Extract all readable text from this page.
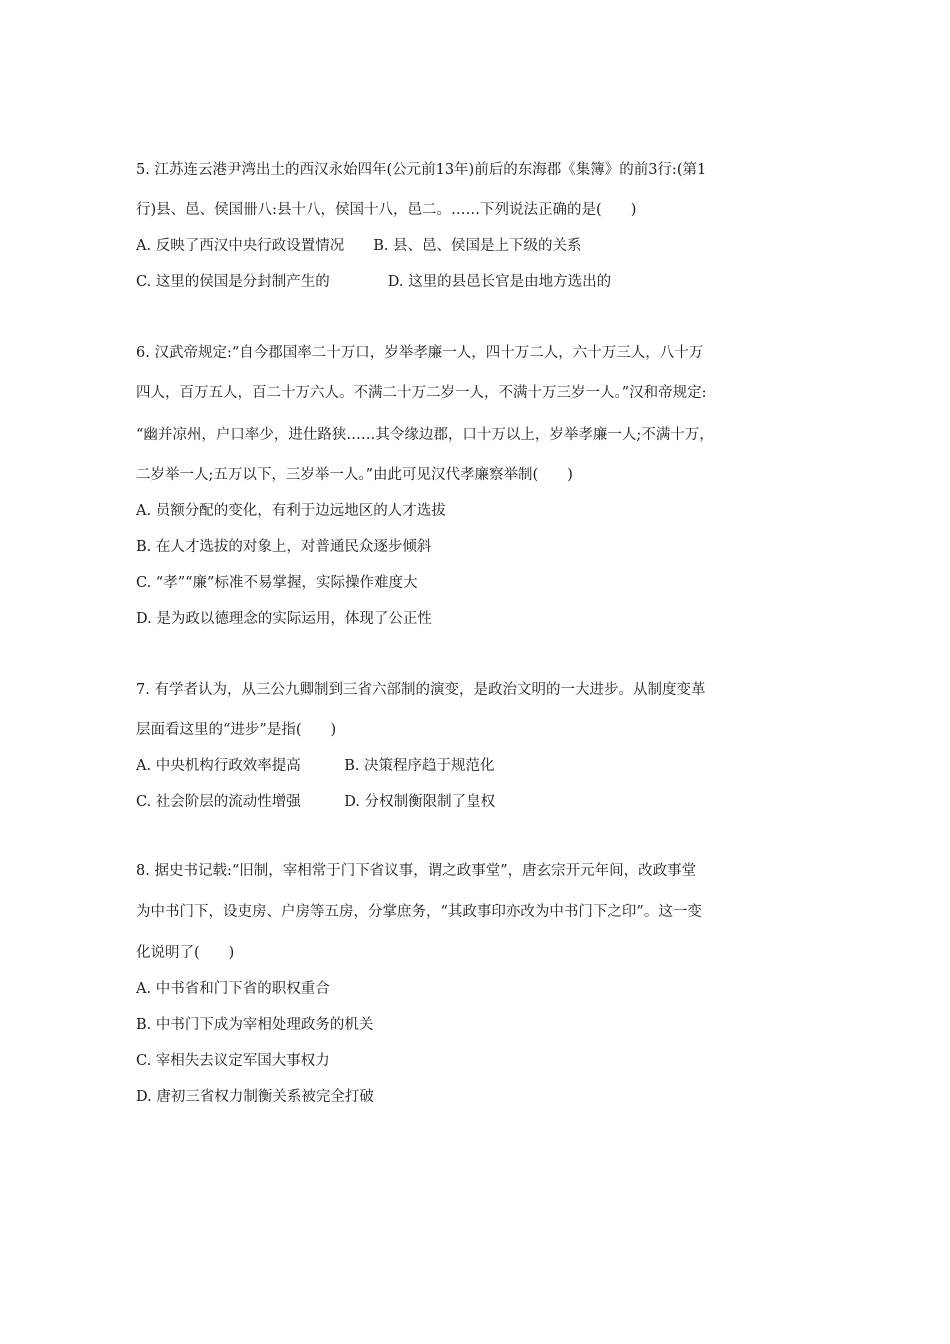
5. 江苏连云港尹湾出土的西汉永始四年(公元前13年)前后的东海郡《集簿》的前3行:(第1
行)县、邑、侯国卌八:县十八，侯国十八，邑二。……下列说法正确的是(　　)
A. 反映了西汉中央行政设置情况　　B. 县、邑、侯国是上下级的关系
C. 这里的侯国是分封制产生的　　　　D. 这里的县邑长官是由地方选出的
6. 汉武帝规定:“自今郡国率二十万口，岁举孝廉一人，四十万二人，六十万三人，八十万
四人，百万五人，百二十万六人。不满二十万二岁一人，不满十万三岁一人。”汉和帝规定:
“幽并凉州，户口率少，进仕路狭……其令缘边郡，口十万以上，岁举孝廉一人;不满十万，
二岁举一人;五万以下，三岁举一人。”由此可见汉代孝廉察举制(　　)
A. 员额分配的变化，有利于边远地区的人才选拔
B. 在人才选拔的对象上，对普通民众逐步倾斜
C. “孝”“廉”标准不易掌握，实际操作难度大
D. 是为政以德理念的实际运用，体现了公正性
7. 有学者认为，从三公九卿制到三省六部制的演变，是政治文明的一大进步。从制度变革
层面看这里的“进步”是指(　　)
A. 中央机构行政效率提高　　　B. 决策程序趋于规范化
C. 社会阶层的流动性增强　　　D. 分权制衡限制了皇权
8. 据史书记载:“旧制，宰相常于门下省议事，谓之政事堂”，唐玄宗开元年间，改政事堂
为中书门下，设吏房、户房等五房，分掌庶务，“其政事印亦改为中书门下之印”。这一变
化说明了(　　)
A. 中书省和门下省的职权重合
B. 中书门下成为宰相处理政务的机关
C. 宰相失去议定军国大事权力
D. 唐初三省权力制衡关系被完全打破
